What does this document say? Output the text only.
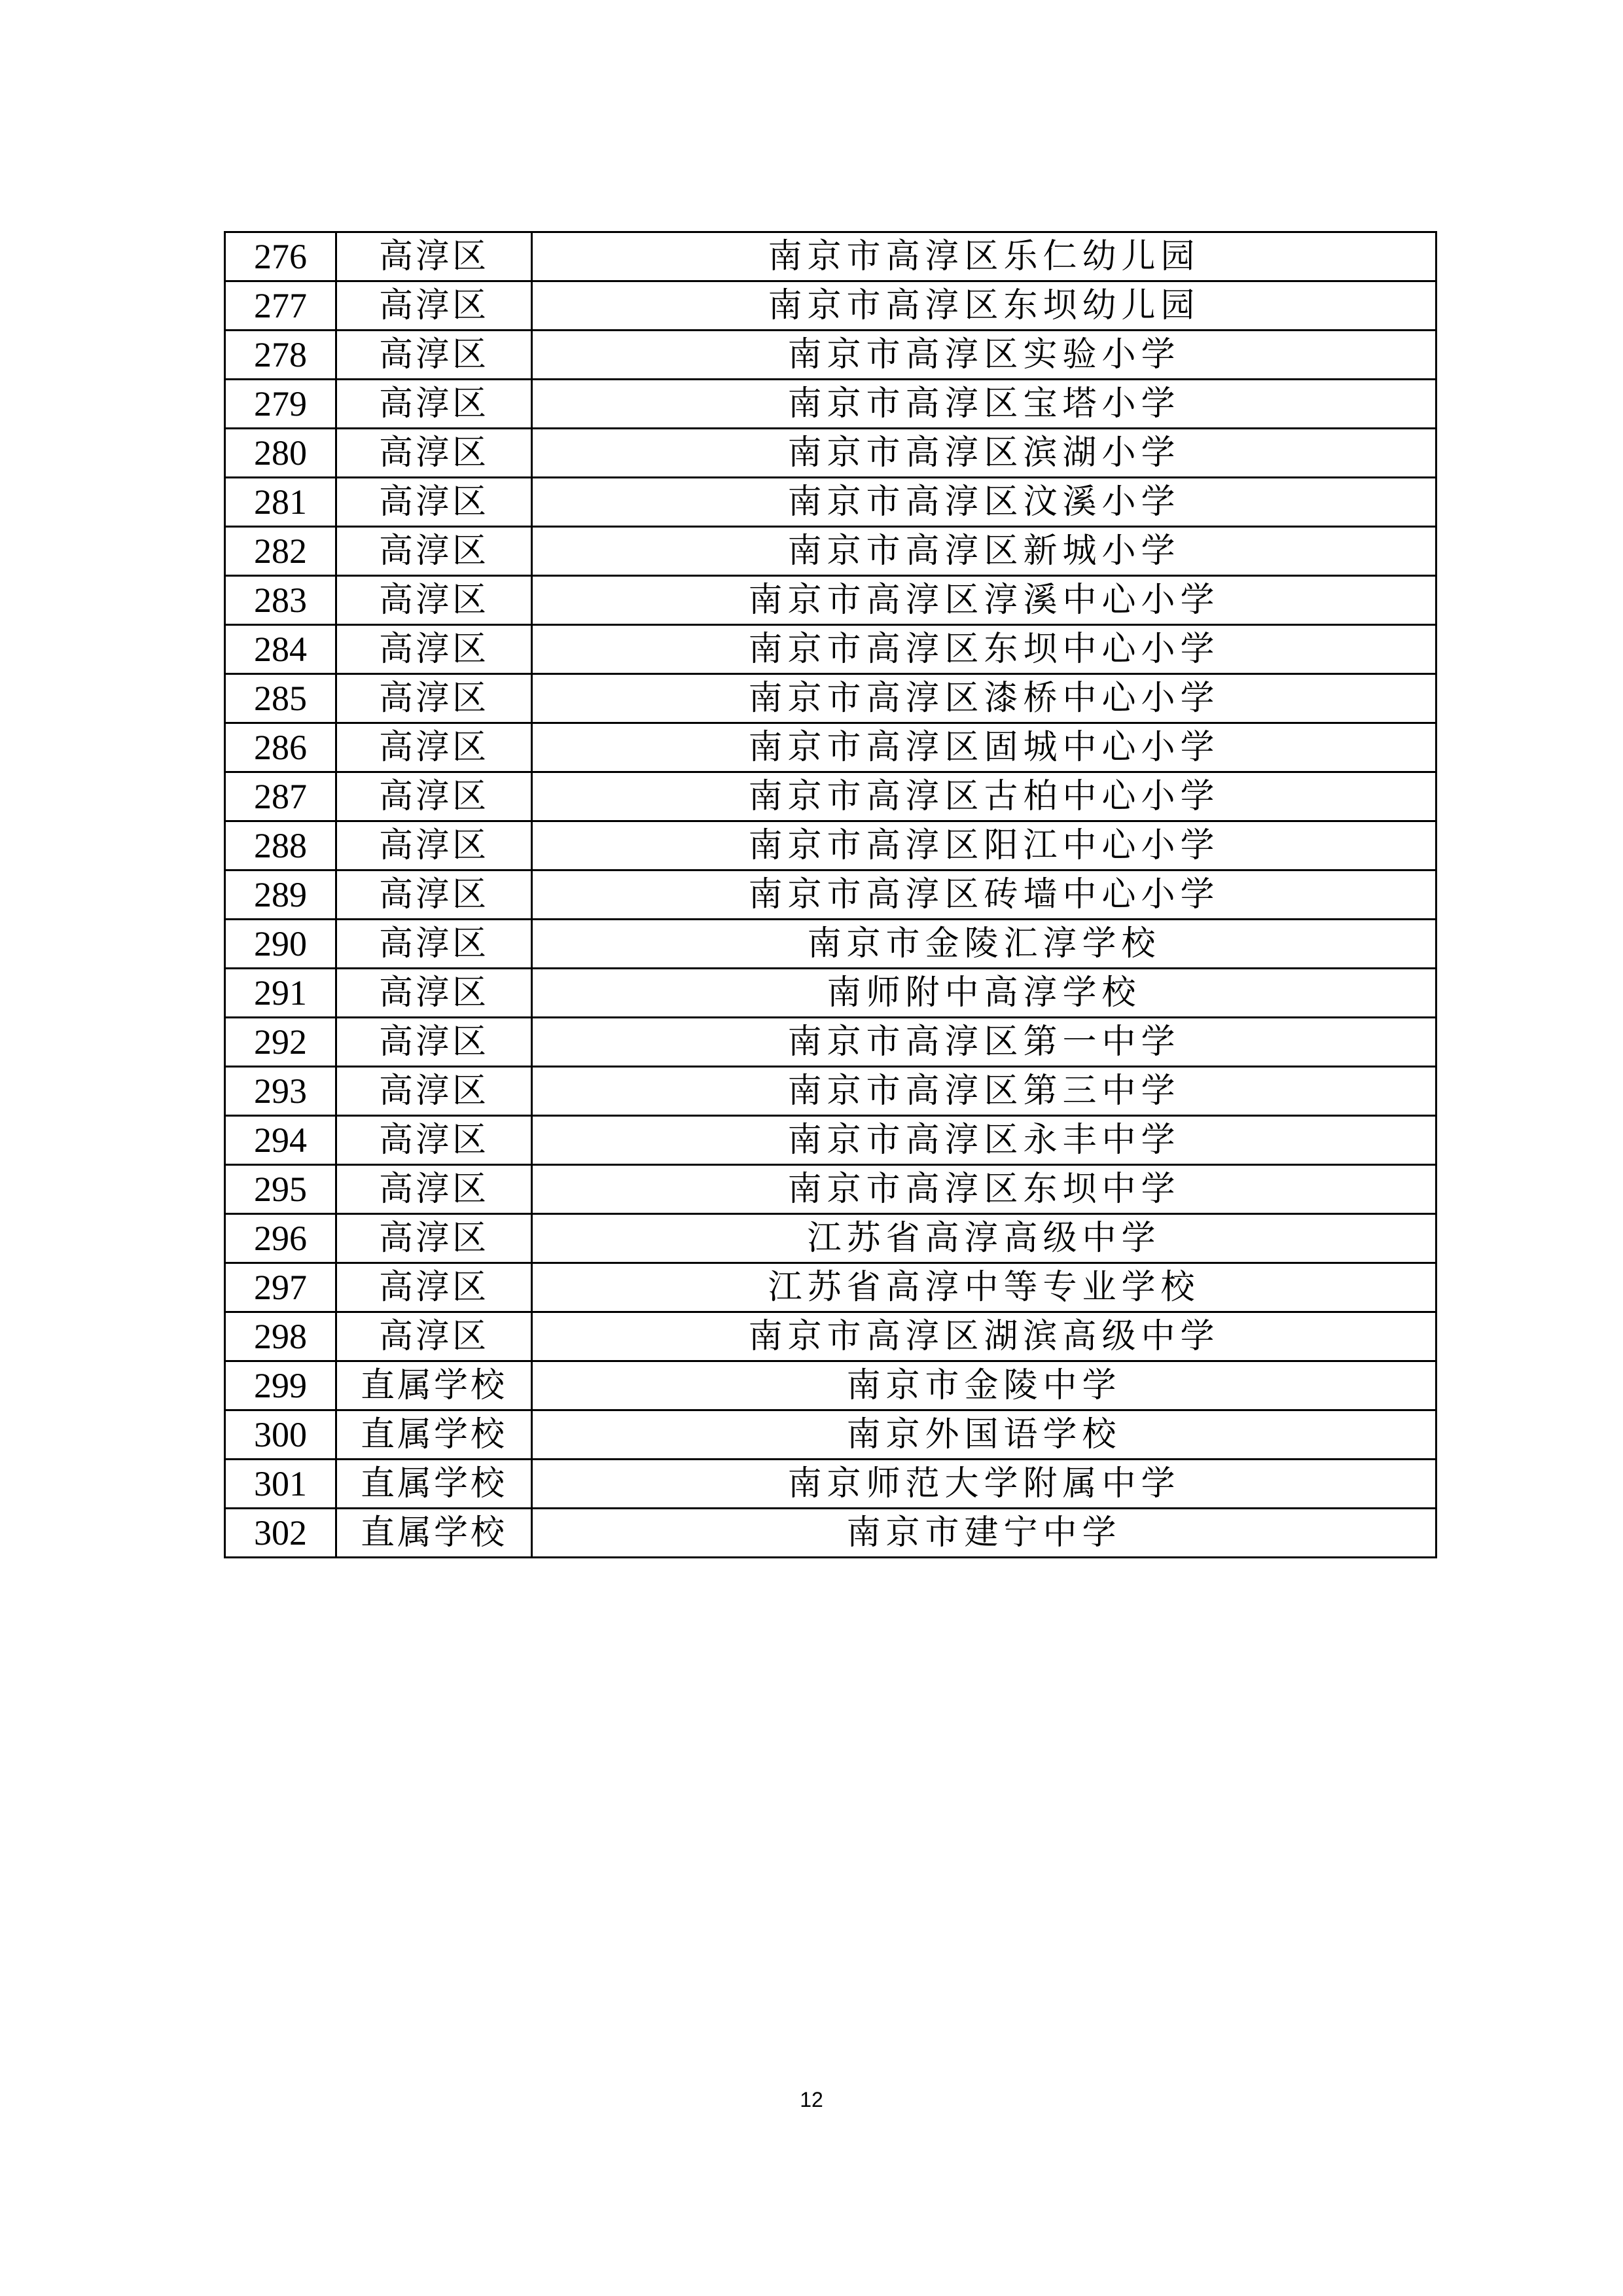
276	高淳区	南京市高淳区乐仁幼儿园
277	高淳区	南京市高淳区东坝幼儿园
278	高淳区	南京市高淳区实验小学
279	高淳区	南京市高淳区宝塔小学
280	高淳区	南京市高淳区滨湖小学
281	高淳区	南京市高淳区汶溪小学
282	高淳区	南京市高淳区新城小学
283	高淳区	南京市高淳区淳溪中心小学
284	高淳区	南京市高淳区东坝中心小学
285	高淳区	南京市高淳区漆桥中心小学
286	高淳区	南京市高淳区固城中心小学
287	高淳区	南京市高淳区古柏中心小学
288	高淳区	南京市高淳区阳江中心小学
289	高淳区	南京市高淳区砖墙中心小学
290	高淳区	南京市金陵汇淳学校
291	高淳区	南师附中高淳学校
292	高淳区	南京市高淳区第一中学
293	高淳区	南京市高淳区第三中学
294	高淳区	南京市高淳区永丰中学
295	高淳区	南京市高淳区东坝中学
296	高淳区	江苏省高淳高级中学
297	高淳区	江苏省高淳中等专业学校
298	高淳区	南京市高淳区湖滨高级中学
299	直属学校	南京市金陵中学
300	直属学校	南京外国语学校
301	直属学校	南京师范大学附属中学
302	直属学校	南京市建宁中学
12
